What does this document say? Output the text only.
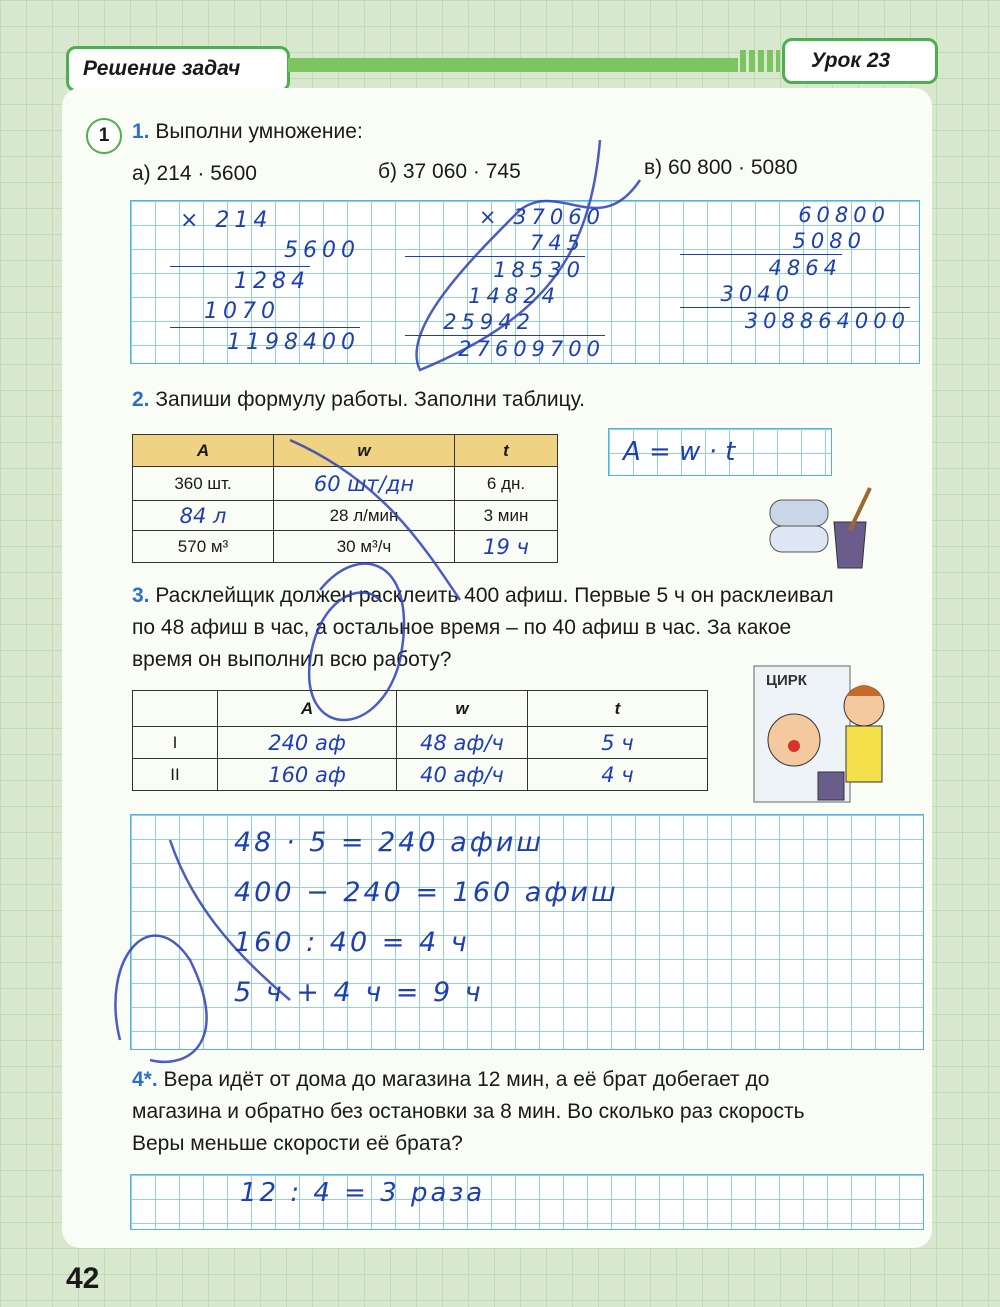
Решение задач	Урок 23
1	1. Выполни умножение:
а) 214 · 5600	б) 37 060 · 745	в) 60 800 · 5080
× 214
5600
1284
1070
1198400
× 37060
745
18530
14824
25942
27609700
60800
5080
4864
3040
308864000
2. Запиши формулу работы. Заполни таблицу.
A	w	t
360 шт.	60 шт/дн	6 дн.
84 л	28 л/мин	3 мин
570 м³	30 м³/ч	19 ч
A = w · t
3. Расклейщик должен расклеить 400 афиш. Первые 5 ч он расклеивал
по 48 афиш в час, а остальное время – по 40 афиш в час. За какое
время он выполнил всю работу?
	A	w	t
I	240 аф	48 аф/ч	5 ч
II	160 аф	40 аф/ч	4 ч
ЦИРК
48 · 5 = 240 афиш
400 − 240 = 160 афиш
160 : 40 = 4 ч
5 ч + 4 ч = 9 ч
4*. Вера идёт от дома до магазина 12 мин, а её брат добегает до
магазина и обратно без остановки за 8 мин. Во сколько раз скорость
Веры меньше скорости её брата?
12 : 4 = 3 разa
42
